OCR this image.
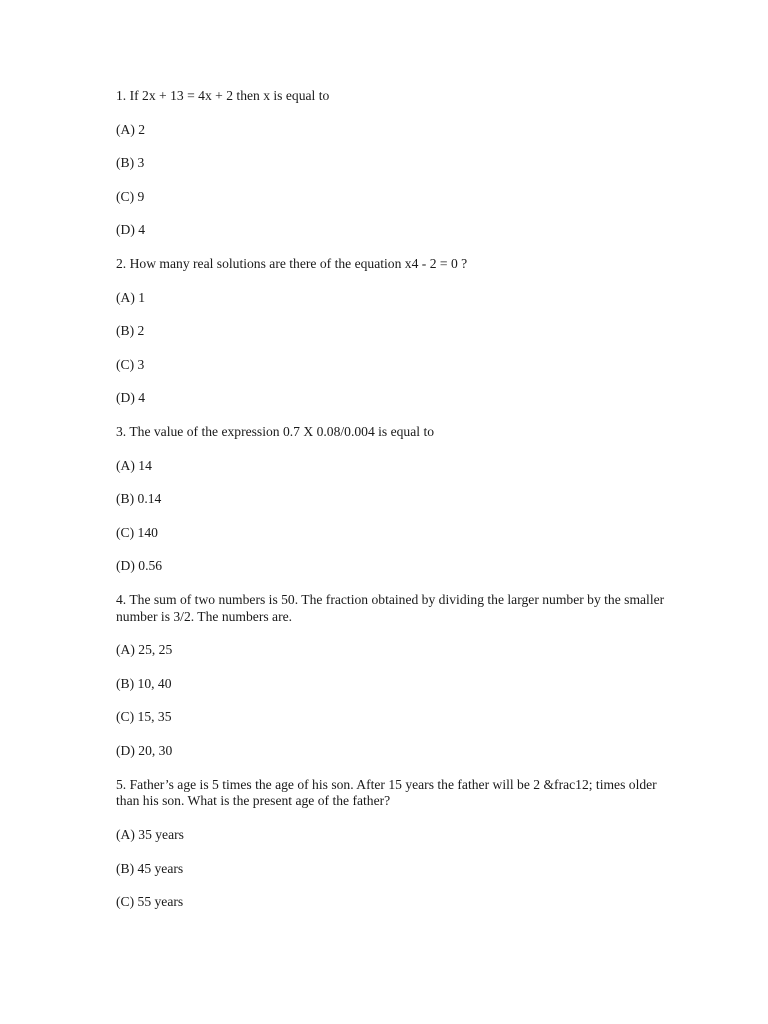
1. If 2x + 13 = 4x + 2 then x is equal to

(A) 2

(B) 3

(C) 9

(D) 4

2. How many real solutions are there of the equation x4 - 2 = 0 ?

(A) 1

(B) 2

(C) 3

(D) 4

3. The value of the expression 0.7 X 0.08/0.004 is equal to

(A) 14

(B) 0.14

(C) 140

(D) 0.56

4. The sum of two numbers is 50. The fraction obtained by dividing the larger number by the smaller number is 3/2. The numbers are.

(A) 25, 25

(B) 10, 40

(C) 15, 35

(D) 20, 30

5. Father’s age is 5 times the age of his son. After 15 years the father will be 2 &frac12; times older than his son. What is the present age of the father?

(A) 35 years

(B) 45 years

(C) 55 years
